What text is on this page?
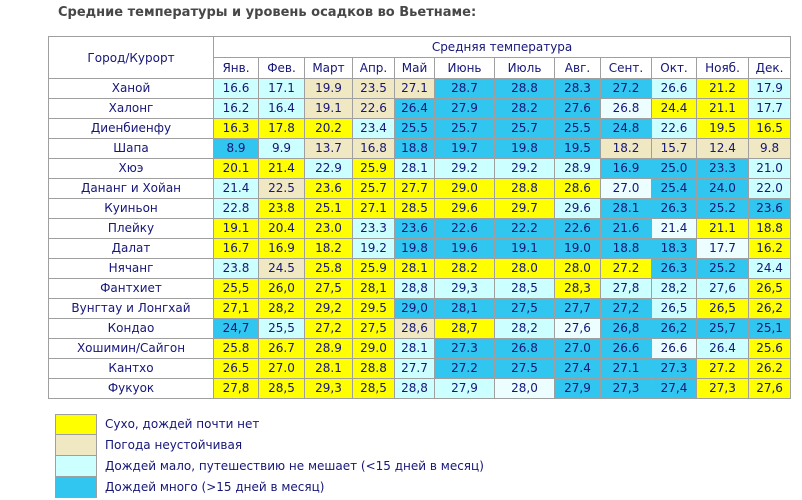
Средние температуры и уровень осадков во Вьетнаме:
Город/Курорт	Средняя температура											
	Янв.	Фев.	Март	Апр.	Май	Июнь	Июль	Авг.	Сент.	Окт.	Нояб.	Дек.
Ханой	16.6	17.1	19.9	23.5	27.1	28.7	28.8	28.3	27.2	26.6	21.2	17.9
Халонг	16.2	16.4	19.1	22.6	26.4	27.9	28.2	27.6	26.8	24.4	21.1	17.7
Диенбиенфу	16.3	17.8	20.2	23.4	25.5	25.7	25.7	25.5	24.8	22.6	19.5	16.5
Шапа	8.9	9.9	13.7	16.8	18.8	19.7	19.8	19.5	18.2	15.7	12.4	9.8
Хюэ	20.1	21.4	22.9	25.9	28.1	29.2	29.2	28.9	16.9	25.0	23.3	21.0
Дананг и Хойан	21.4	22.5	23.6	25.7	27.7	29.0	28.8	28.6	27.0	25.4	24.0	22.0
Куиньон	22.8	23.8	25.1	27.1	28.5	29.6	29.7	29.6	28.1	26.3	25.2	23.6
Плейку	19.1	20.4	23.0	23.3	23.6	22.6	22.2	22.6	21.6	21.4	21.1	18.8
Далат	16.7	16.9	18.2	19.2	19.8	19.6	19.1	19.0	18.8	18.3	17.7	16.2
Нячанг	23.8	24.5	25.8	25.9	28.1	28.2	28.0	28.0	27.2	26.3	25.2	24.4
Фантхиет	25,5	26,0	27,5	28,1	28,8	29,3	28,5	28,3	27,8	28,2	27,6	26,5
Вунгтау и Лонгхай	27,1	28,2	29,2	29.5	29,0	28,1	27,5	27,7	27,2	26,5	26,5	26,2
Кондао	24,7	25,5	27,2	27,5	28,6	28,7	28,2	27,6	26,8	26,2	25,7	25,1
Хошимин/Сайгон	25.8	26.7	28.9	29.0	28.1	27.3	26.8	27.0	26.6	26.6	26.4	25.6
Кантхо	26.5	27.0	28.1	28.8	27.7	27.2	27.5	27.4	27.1	27.3	27.2	26.2
Фукуок	27,8	28,5	29,3	28,5	28,8	27,9	28,0	27,9	27,3	27,4	27,3	27,6
Сухо, дождей почти нет
Погода неустойчивая
Дождей мало, путешествию не мешает (<15 дней в месяц)
Дождей много (>15 дней в месяц)
